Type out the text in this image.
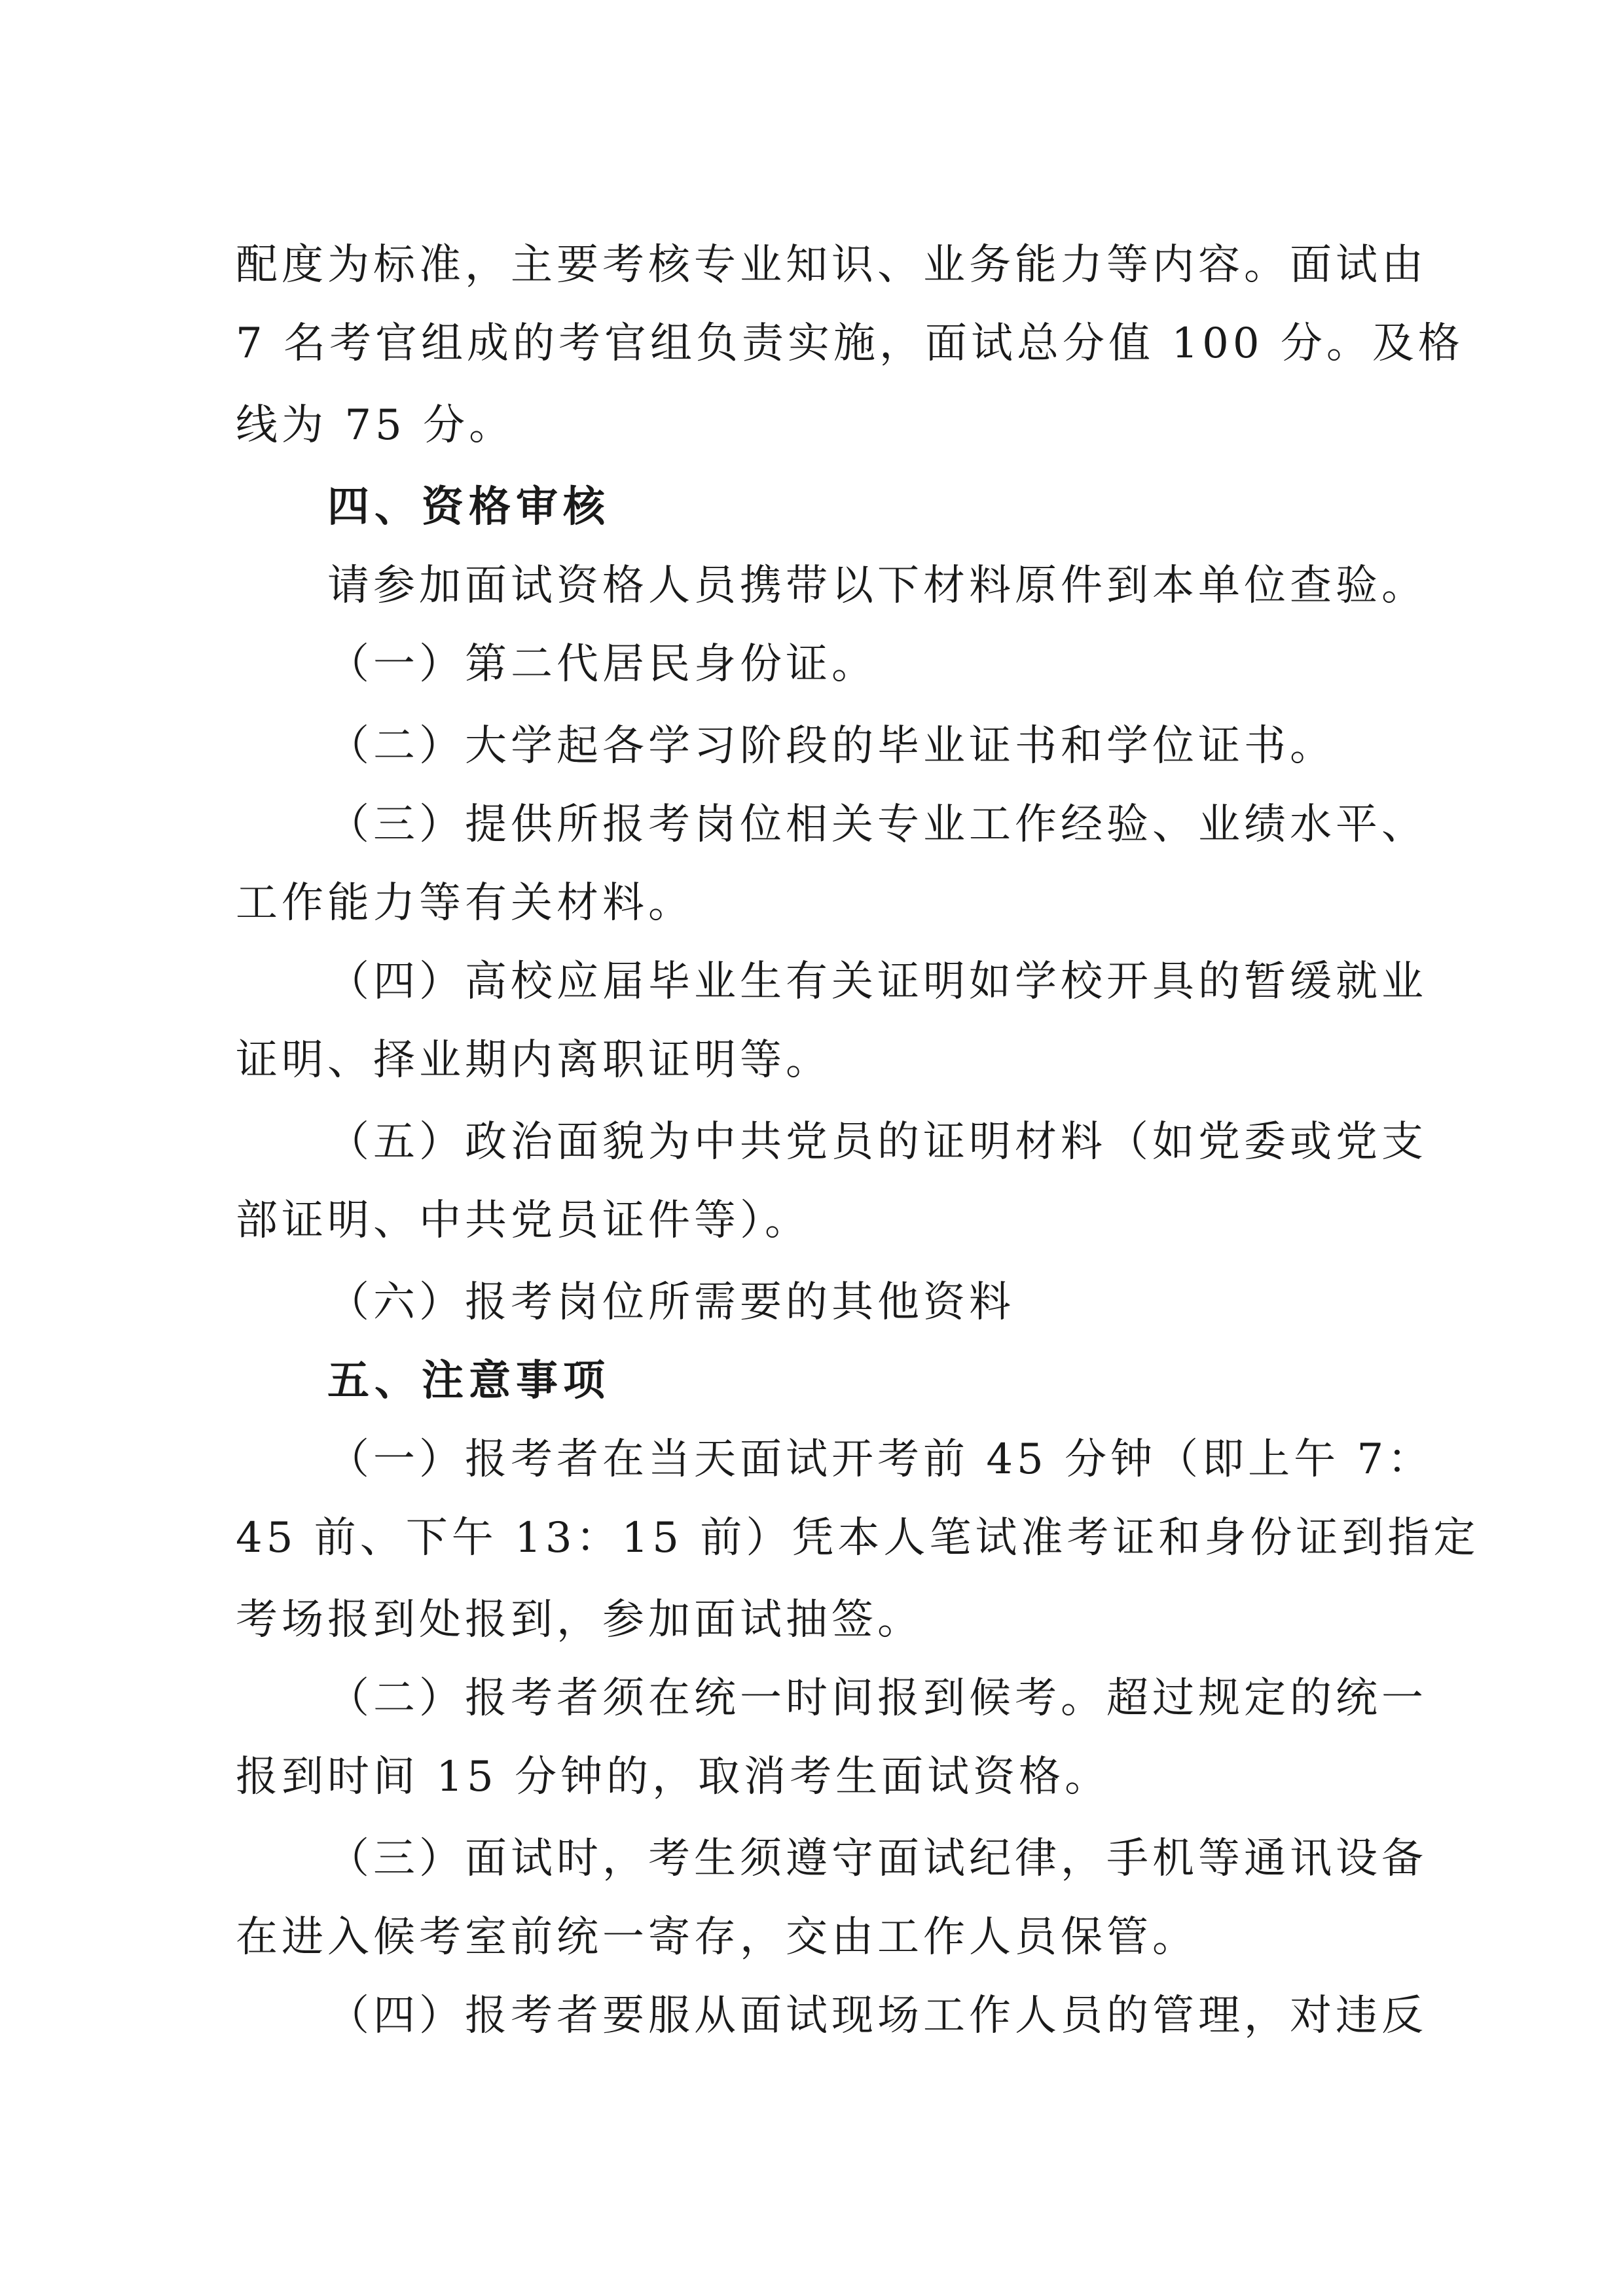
配度为标准，主要考核专业知识、业务能力等内容。面试由
7 名考官组成的考官组负责实施，面试总分值 100 分。及格
线为 75 分。
四、资格审核
请参加面试资格人员携带以下材料原件到本单位查验。
（一）第二代居民身份证。
（二）大学起各学习阶段的毕业证书和学位证书。
（三）提供所报考岗位相关专业工作经验、业绩水平、
工作能力等有关材料。
（四）高校应届毕业生有关证明如学校开具的暂缓就业
证明、择业期内离职证明等。
（五）政治面貌为中共党员的证明材料（如党委或党支
部证明、中共党员证件等）。
（六）报考岗位所需要的其他资料
五、注意事项
（一）报考者在当天面试开考前 45 分钟（即上午 7：
45 前、下午 13：15 前）凭本人笔试准考证和身份证到指定
考场报到处报到，参加面试抽签。
（二）报考者须在统一时间报到候考。超过规定的统一
报到时间 15 分钟的，取消考生面试资格。
（三）面试时，考生须遵守面试纪律，手机等通讯设备
在进入候考室前统一寄存，交由工作人员保管。
（四）报考者要服从面试现场工作人员的管理，对违反
